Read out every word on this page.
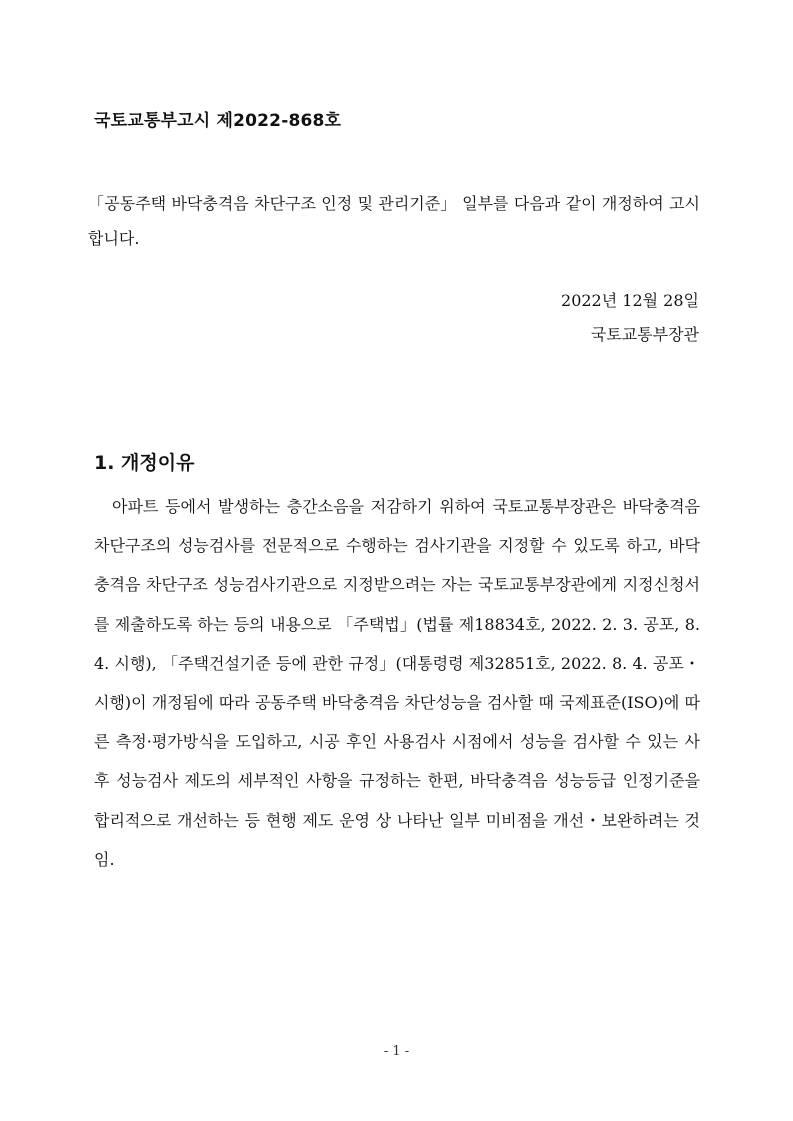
국토교통부고시 제2022-868호
「공동주택 바닥충격음 차단구조 인정 및 관리기준」 일부를 다음과 같이 개정하여 고시합니다.
2022년 12월 28일
국토교통부장관
1. 개정이유
아파트 등에서 발생하는 층간소음을 저감하기 위하여 국토교통부장관은 바닥충격음 차단구조의 성능검사를 전문적으로 수행하는 검사기관을 지정할 수 있도록 하고, 바닥충격음 차단구조 성능검사기관으로 지정받으려는 자는 국토교통부장관에게 지정신청서를 제출하도록 하는 등의 내용으로 「주택법」(법률 제18834호, 2022. 2. 3. 공포, 8. 4. 시행), 「주택건설기준 등에 관한 규정」(대통령령 제32851호, 2022. 8. 4. 공포・시행)이 개정됨에 따라 공동주택 바닥충격음 차단성능을 검사할 때 국제표준(ISO)에 따른 측정·평가방식을 도입하고, 시공 후인 사용검사 시점에서 성능을 검사할 수 있는 사후 성능검사 제도의 세부적인 사항을 규정하는 한편, 바닥충격음 성능등급 인정기준을 합리적으로 개선하는 등 현행 제도 운영 상 나타난 일부 미비점을 개선・보완하려는 것임.
- 1 -
